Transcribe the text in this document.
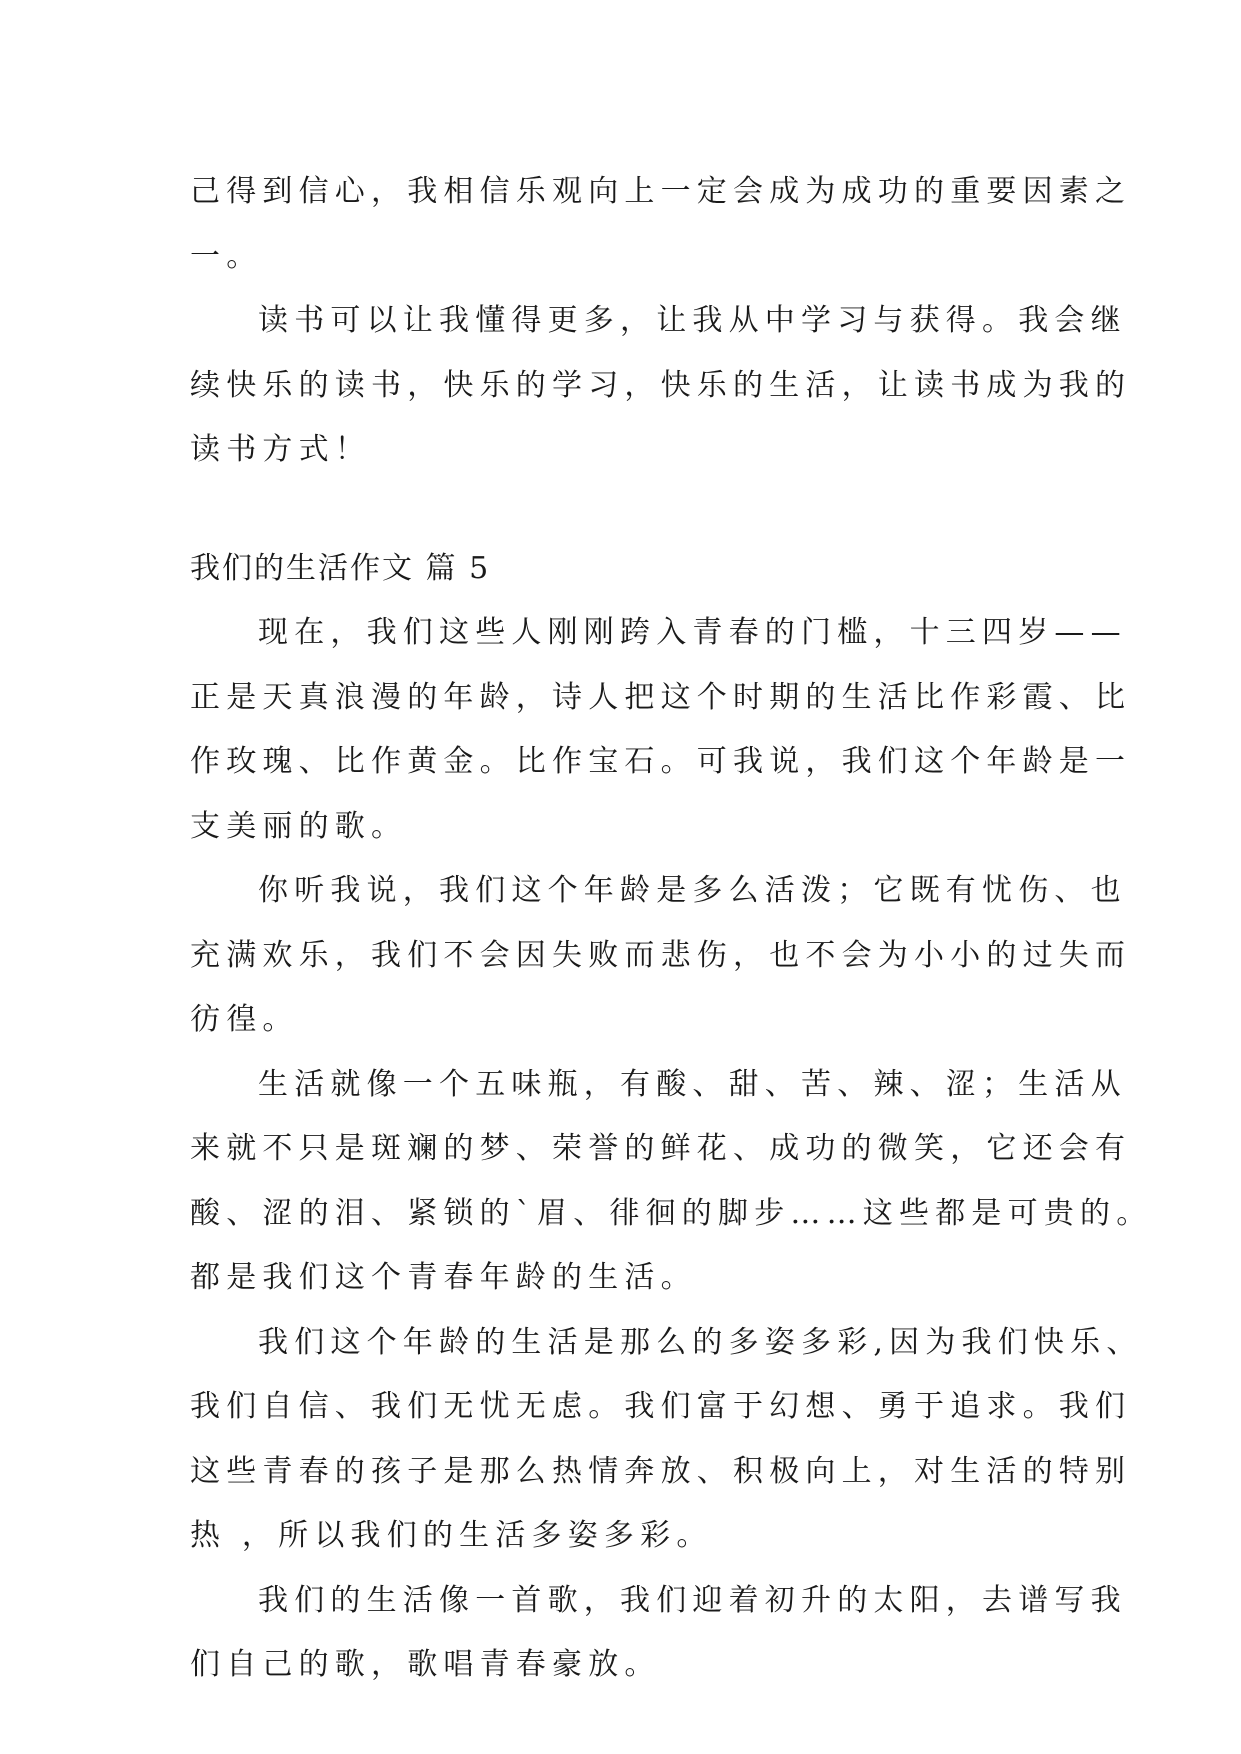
己得到信心，我相信乐观向上一定会成为成功的重要因素之

一。

读书可以让我懂得更多，让我从中学习与获得。我会继

续快乐的读书，快乐的学习，快乐的生活，让读书成为我的

读书方式！

我们的生活作文 篇 5

现在，我们这些人刚刚跨入青春的门槛，十三四岁——

正是天真浪漫的年龄，诗人把这个时期的生活比作彩霞、比

作玫瑰、比作黄金。比作宝石。可我说，我们这个年龄是一

支美丽的歌。

你听我说，我们这个年龄是多么活泼；它既有忧伤、也

充满欢乐，我们不会因失败而悲伤，也不会为小小的过失而

彷徨。

生活就像一个五味瓶，有酸、甜、苦、辣、涩；生活从

来就不只是斑斓的梦、荣誉的鲜花、成功的微笑，它还会有

酸、涩的泪、紧锁的`眉、徘徊的脚步……这些都是可贵的。

都是我们这个青春年龄的生活。

我们这个年龄的生活是那么的多姿多彩,因为我们快乐、

我们自信、我们无忧无虑。我们富于幻想、勇于追求。我们

这些青春的孩子是那么热情奔放、积极向上，对生活的特别

热 ，所以我们的生活多姿多彩。

我们的生活像一首歌，我们迎着初升的太阳，去谱写我

们自己的歌，歌唱青春豪放。
